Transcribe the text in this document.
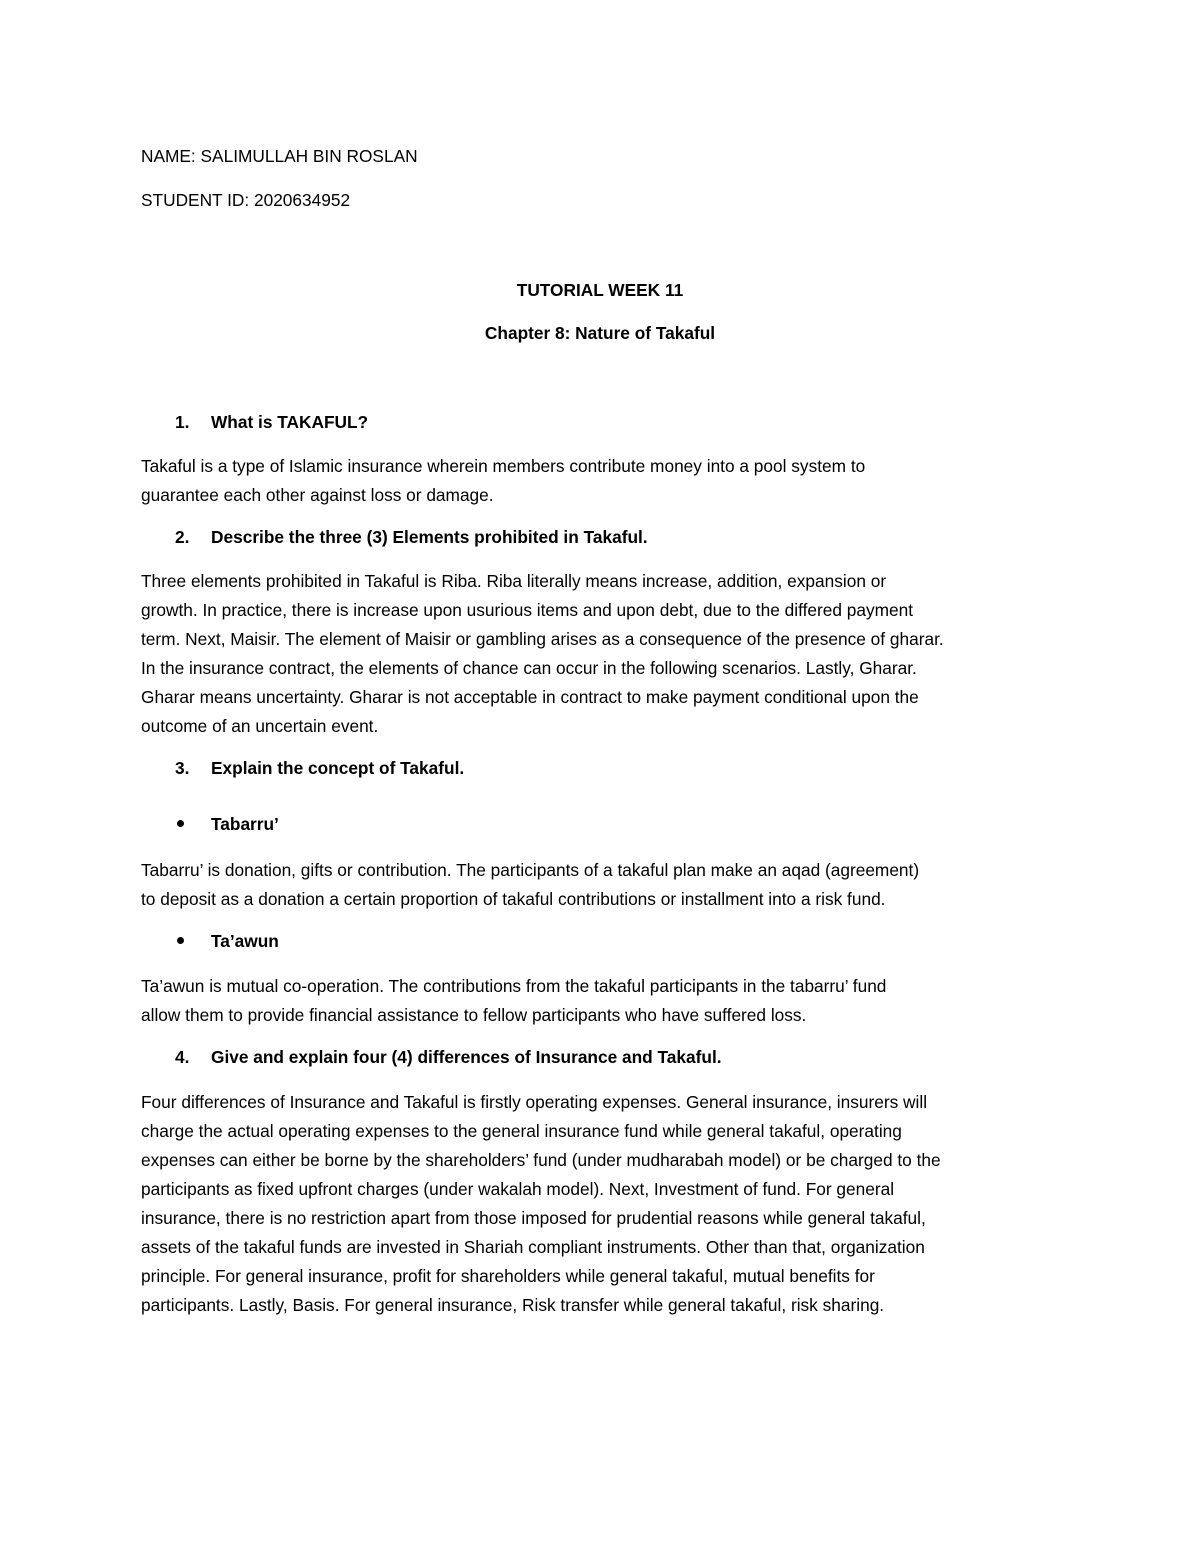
NAME: SALIMULLAH BIN ROSLAN
STUDENT ID: 2020634952
TUTORIAL WEEK 11
Chapter 8: Nature of Takaful
1. What is TAKAFUL?
Takaful is a type of Islamic insurance wherein members contribute money into a pool system to
guarantee each other against loss or damage.
2. Describe the three (3) Elements prohibited in Takaful.
Three elements prohibited in Takaful is Riba. Riba literally means increase, addition, expansion or
growth. In practice, there is increase upon usurious items and upon debt, due to the differed payment
term. Next, Maisir. The element of Maisir or gambling arises as a consequence of the presence of gharar.
In the insurance contract, the elements of chance can occur in the following scenarios. Lastly, Gharar.
Gharar means uncertainty. Gharar is not acceptable in contract to make payment conditional upon the
outcome of an uncertain event.
3. Explain the concept of Takaful.
Tabarru’
Tabarru’ is donation, gifts or contribution. The participants of a takaful plan make an aqad (agreement)
to deposit as a donation a certain proportion of takaful contributions or installment into a risk fund.
Ta’awun
Ta’awun is mutual co-operation. The contributions from the takaful participants in the tabarru’ fund
allow them to provide financial assistance to fellow participants who have suffered loss.
4. Give and explain four (4) differences of Insurance and Takaful.
Four differences of Insurance and Takaful is firstly operating expenses. General insurance, insurers will
charge the actual operating expenses to the general insurance fund while general takaful, operating
expenses can either be borne by the shareholders’ fund (under mudharabah model) or be charged to the
participants as fixed upfront charges (under wakalah model). Next, Investment of fund. For general
insurance, there is no restriction apart from those imposed for prudential reasons while general takaful,
assets of the takaful funds are invested in Shariah compliant instruments. Other than that, organization
principle. For general insurance, profit for shareholders while general takaful, mutual benefits for
participants. Lastly, Basis. For general insurance, Risk transfer while general takaful, risk sharing.
